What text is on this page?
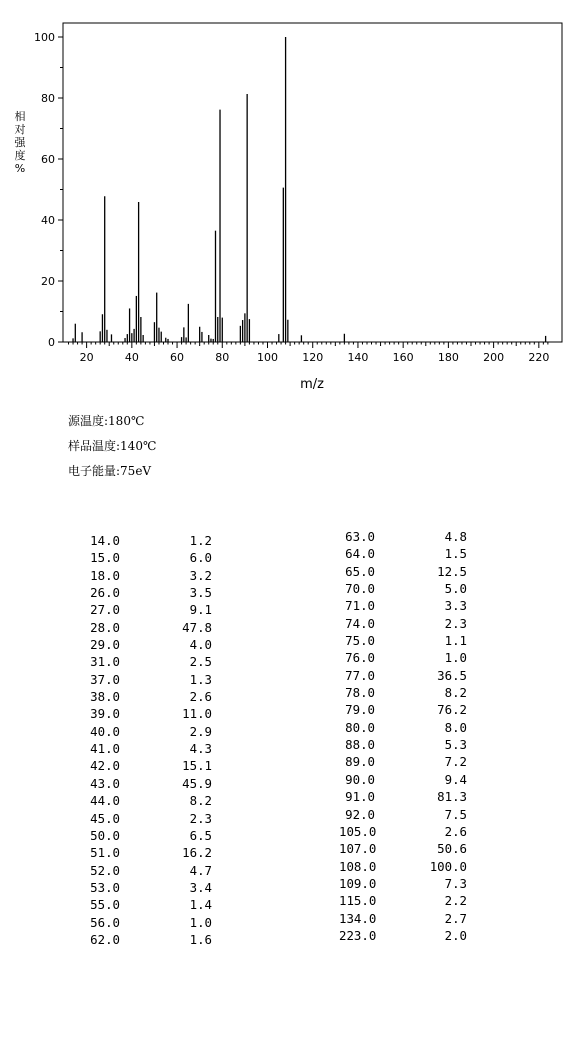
0
20
40
60
80
100
20	40	60	80	100 120 140 160 180 200 220
m/z
相
对
强
度
%
源温度:180℃
样品温度:140℃
电子能量:75eV
14.0	1.2
15.0	6.0
18.0	3.2
26.0	3.5
27.0	9.1
28.0	47.8
29.0	4.0
31.0	2.5
37.0	1.3
38.0	2.6
39.0	11.0
40.0	2.9
41.0	4.3
42.0	15.1
43.0	45.9
44.0	8.2
45.0	2.3
50.0	6.5
51.0	16.2
52.0	4.7
53.0	3.4
55.0	1.4
56.0	1.0
62.0	1.6
63.0	4.8
64.0	1.5
65.0	12.5
70.0	5.0
71.0	3.3
74.0	2.3
75.0	1.1
76.0	1.0
77.0	36.5
78.0	8.2
79.0	76.2
80.0	8.0
88.0	5.3
89.0	7.2
90.0	9.4
91.0	81.3
92.0	7.5
105.0	2.6
107.0	50.6
108.0	100.0
109.0	7.3
115.0	2.2
134.0	2.7
223.0	2.0
